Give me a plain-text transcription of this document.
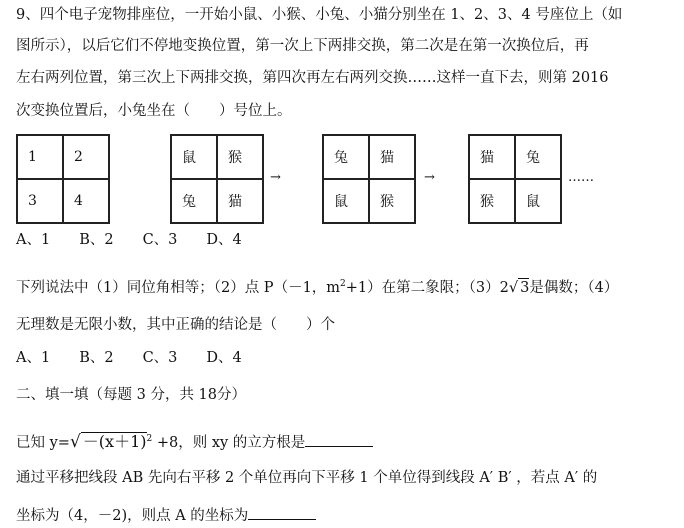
9、四个电子宠物排座位，一开始小鼠、小猴、小兔、小猫分别坐在 1、2、3、4 号座位上（如
图所示），以后它们不停地变换位置，第一次上下两排交换，第二次是在第一次换位后，再
左右两列位置，第三次上下两排交换，第四次再左右两列交换……这样一直下去，则第 2016
次变换位置后，小兔坐在（　　）号位上。
1	2
3	4
鼠	猴
兔	猫
→
兔	猫
鼠	猴
→
猫	兔
猴	鼠
……
A、1　　B、2　　C、3　　D、4
下列说法中（1）同位角相等；（2）点 P（－1，$m^2+1$）在第二象限；（3）2√ 3是偶数；（4）
无理数是无限小数，其中正确的结论是（　　）个
A、1　　B、2　　C、3　　D、4
二、填一填（每题 3 分，共 18分）
已知 $y=√ -(x+1)^2 +8$，则 xy 的立方根是
通过平移把线段 AB 先向右平移 2 个单位再向下平移 1 个单位得到线段 A′ B′ ，若点 A′ 的
坐标为（4，－2)，则点 A 的坐标为
